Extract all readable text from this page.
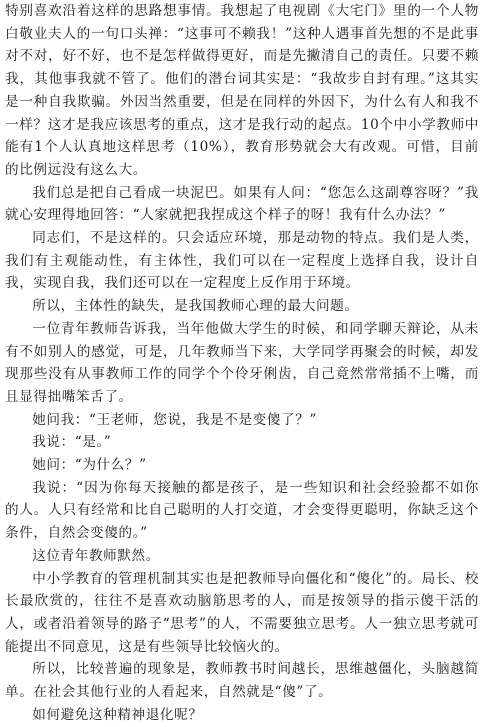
特别喜欢沿着这样的思路想事情。我想起了电视剧《大宅门》里的一个人物白敬业夫人的一句口头禅：“这事可不赖我！”这种人遇事首先想的不是此事对不对，好不好，也不是怎样做得更好，而是先撇清自己的责任。只要不赖我，其他事我就不管了。他们的潜台词其实是：“我故步自封有理。”这其实是一种自我欺骗。外因当然重要，但是在同样的外因下，为什么有人和我不一样？这才是我应该思考的重点，这才是我行动的起点。10个中小学教师中能有1个人认真地这样思考（10%），教育形势就会大有改观。可惜，目前的比例远没有这么大。

我们总是把自己看成一块泥巴。如果有人问：“您怎么这副尊容呀？”我就心安理得地回答：“人家就把我捏成这个样子的呀！我有什么办法？”

同志们，不是这样的。只会适应环境，那是动物的特点。我们是人类，我们有主观能动性，有主体性，我们可以在一定程度上选择自我，设计自我，实现自我，我们还可以在一定程度上反作用于环境。

所以，主体性的缺失，是我国教师心理的最大问题。

一位青年教师告诉我，当年他做大学生的时候，和同学聊天辩论，从未有不如别人的感觉，可是，几年教师当下来，大学同学再聚会的时候，却发现那些没有从事教师工作的同学个个伶牙俐齿，自己竟然常常插不上嘴，而且显得拙嘴笨舌了。

她问我：“王老师，您说，我是不是变傻了？”

我说：“是。”

她问：“为什么？”

我说：“因为你每天接触的都是孩子，是一些知识和社会经验都不如你的人。人只有经常和比自己聪明的人打交道，才会变得更聪明，你缺乏这个条件，自然会变傻的。”

这位青年教师默然。

中小学教育的管理机制其实也是把教师导向僵化和“傻化”的。局长、校长最欣赏的，往往不是喜欢动脑筋思考的人，而是按领导的指示傻干活的人，或者沿着领导的路子“思考”的人，不需要独立思考。人一独立思考就可能提出不同意见，这是有些领导比较恼火的。

所以，比较普遍的现象是，教师教书时间越长，思维越僵化，头脑越简单。在社会其他行业的人看起来，自然就是“傻”了。

如何避免这种精神退化呢？
